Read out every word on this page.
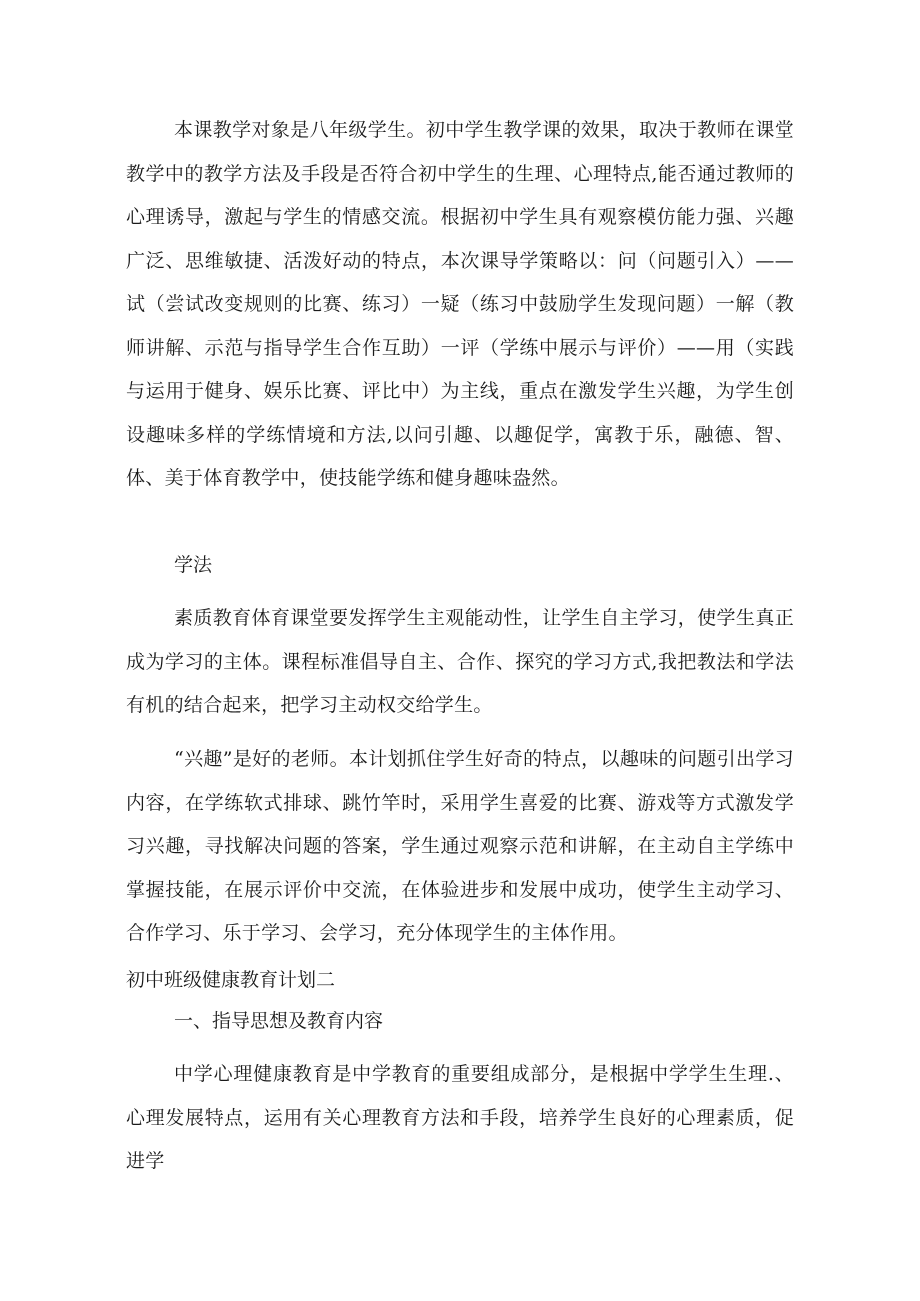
本课教学对象是八年级学生。初中学生教学课的效果，取决于教师在课堂教学中的教学方法及手段是否符合初中学生的生理、心理特点,能否通过教师的心理诱导，激起与学生的情感交流。根据初中学生具有观察模仿能力强、兴趣广泛、思维敏捷、活泼好动的特点，本次课导学策略以：问（问题引入）——试（尝试改变规则的比赛、练习）一疑（练习中鼓励学生发现问题）一解（教师讲解、示范与指导学生合作互助）一评（学练中展示与评价）——用（实践与运用于健身、娱乐比赛、评比中）为主线，重点在激发学生兴趣，为学生创设趣味多样的学练情境和方法,以问引趣、以趣促学，寓教于乐，融德、智、体、美于体育教学中，使技能学练和健身趣味盎然。

学法

素质教育体育课堂要发挥学生主观能动性，让学生自主学习，使学生真正成为学习的主体。课程标准倡导自主、合作、探究的学习方式,我把教法和学法有机的结合起来，把学习主动权交给学生。

“兴趣”是好的老师。本计划抓住学生好奇的特点，以趣味的问题引出学习内容，在学练软式排球、跳竹竿时，采用学生喜爱的比赛、游戏等方式激发学习兴趣，寻找解决问题的答案，学生通过观察示范和讲解，在主动自主学练中掌握技能，在展示评价中交流，在体验进步和发展中成功，使学生主动学习、合作学习、乐于学习、会学习，充分体现学生的主体作用。

初中班级健康教育计划二

一、指导思想及教育内容

中学心理健康教育是中学教育的重要组成部分，是根据中学学生生理.、心理发展特点，运用有关心理教育方法和手段，培养学生良好的心理素质，促进学
